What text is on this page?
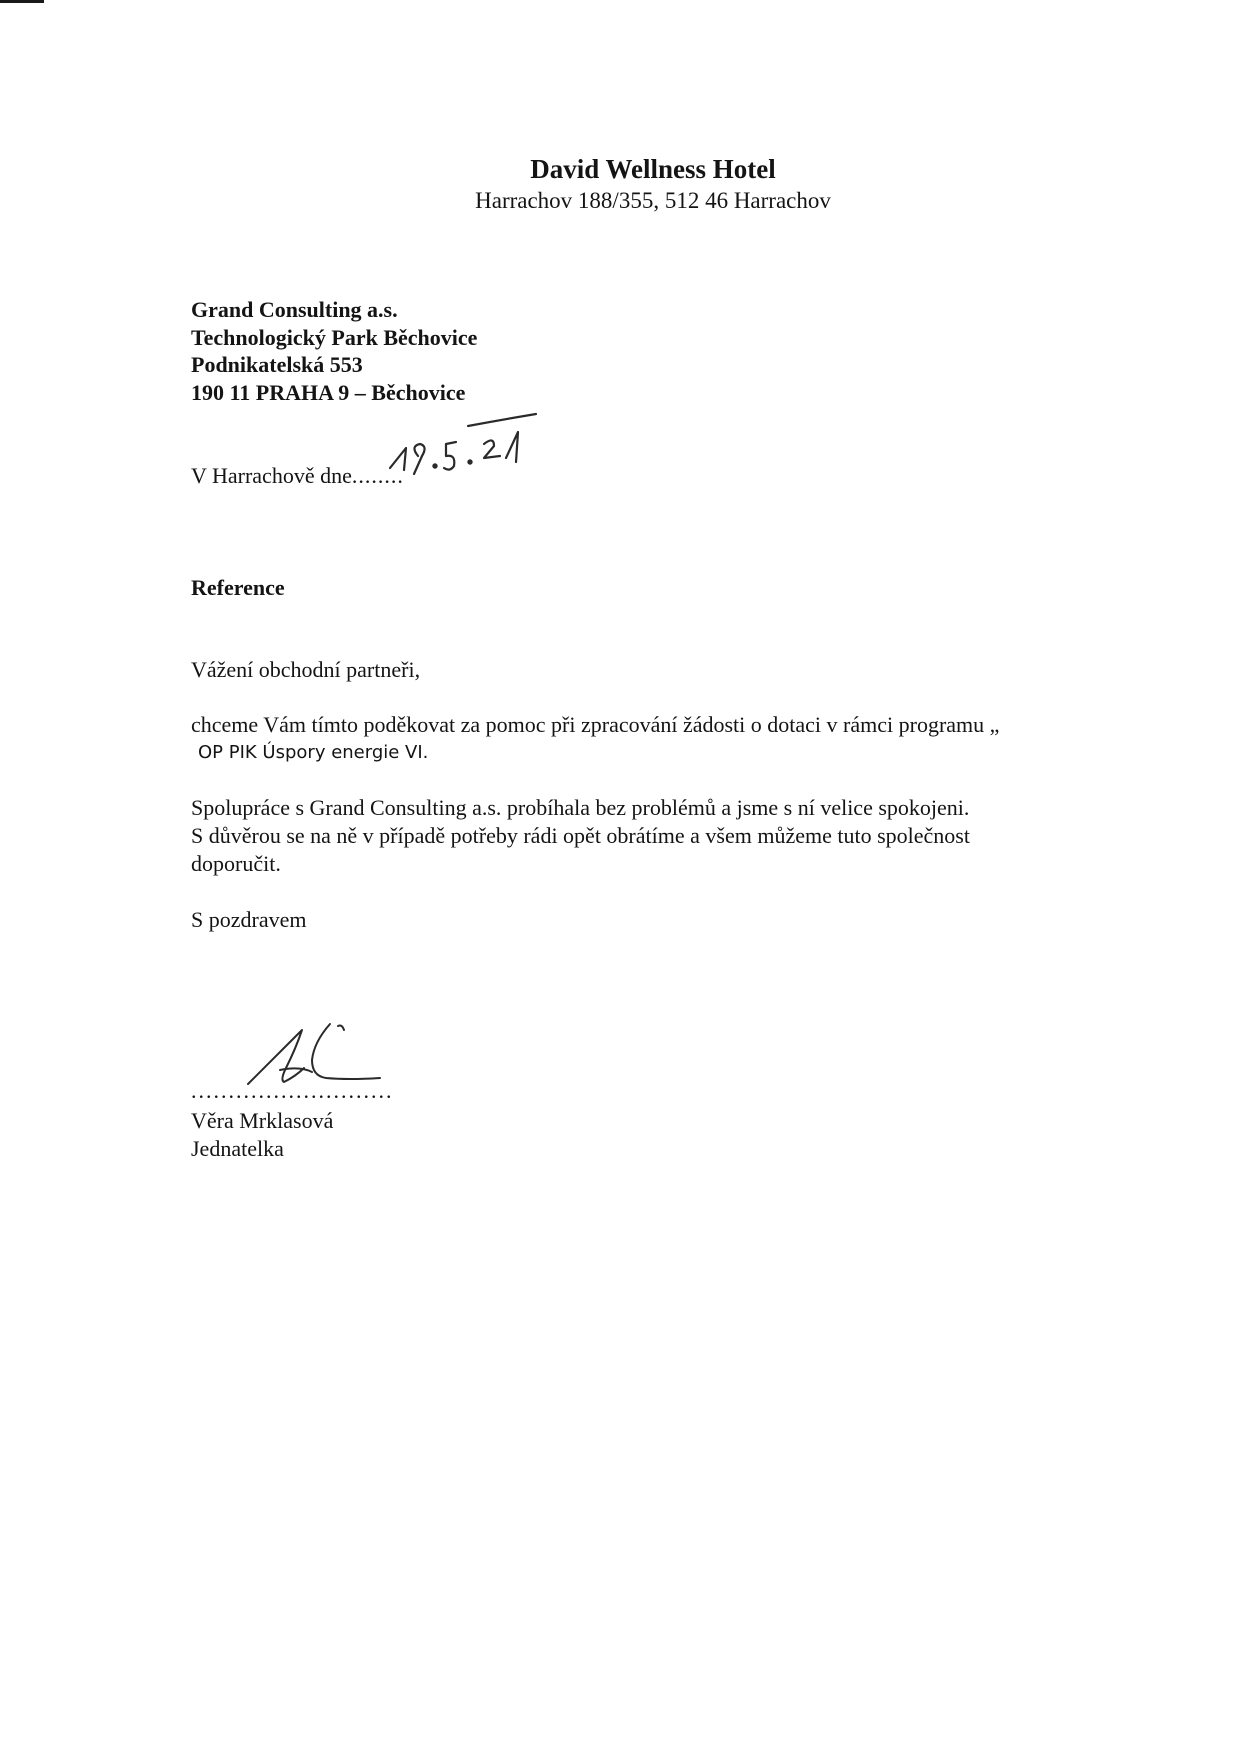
David Wellness Hotel
Harrachov 188/355, 512 46 Harrachov
Grand Consulting a.s.
Technologický Park Běchovice
Podnikatelská 553
190 11 PRAHA 9 – Běchovice
V Harrachově dne........
Reference
Vážení obchodní partneři,
chceme Vám tímto poděkovat za pomoc při zpracování žádosti o dotaci v rámci programu „
OP PIK Úspory energie VI.
Spolupráce s Grand Consulting a.s. probíhala bez problémů a jsme s ní velice spokojeni.
S důvěrou se na ně v případě potřeby rádi opět obrátíme a všem můžeme tuto společnost
doporučit.
S pozdravem
...........................
Věra Mrklasová
Jednatelka
